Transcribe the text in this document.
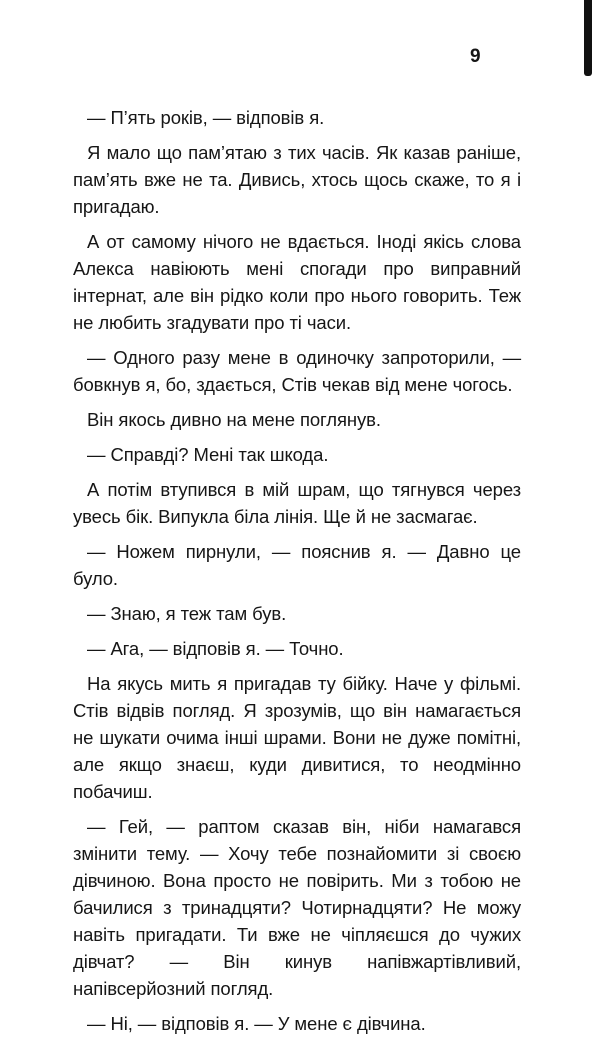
9

— П’ять років, — відповів я.

Я мало що пам’ятаю з тих часів. Як казав раніше, пам’ять вже не та. Дивись, хтось щось скаже, то я і пригадаю.

А от самому нічого не вдається. Іноді якісь слова Алекса навіюють мені спогади про виправний інтернат, але він рідко коли про нього говорить. Теж не любить згадувати про ті часи.

— Одного разу мене в одиночку запроторили, — бовкнув я, бо, здається, Стів чекав від мене чогось.

Він якось дивно на мене поглянув.

— Справді? Мені так шкода.

А потім втупився в мій шрам, що тягнувся через увесь бік. Випукла біла лінія. Ще й не засмагає.

— Ножем пирнули, — пояснив я. — Давно це було.

— Знаю, я теж там був.

— Ага, — відповів я. — Точно.

На якусь мить я пригадав ту бійку. Наче у фільмі. Стів відвів погляд. Я зрозумів, що він намагається не шукати очима інші шрами. Вони не дуже помітні, але якщо знаєш, куди дивитися, то неодмінно побачиш.

— Гей, — раптом сказав він, ніби намагався змінити тему. — Хочу тебе познайомити зі своєю дівчиною. Вона просто не повірить. Ми з тобою не бачилися з тринадцяти? Чотирнадцяти? Не можу навіть пригадати. Ти вже не чіпляєшся до чужих дівчат? — Він кинув напівжартівливий, напівсерйозний погляд.

— Ні, — відповів я. — У мене є дівчина.
